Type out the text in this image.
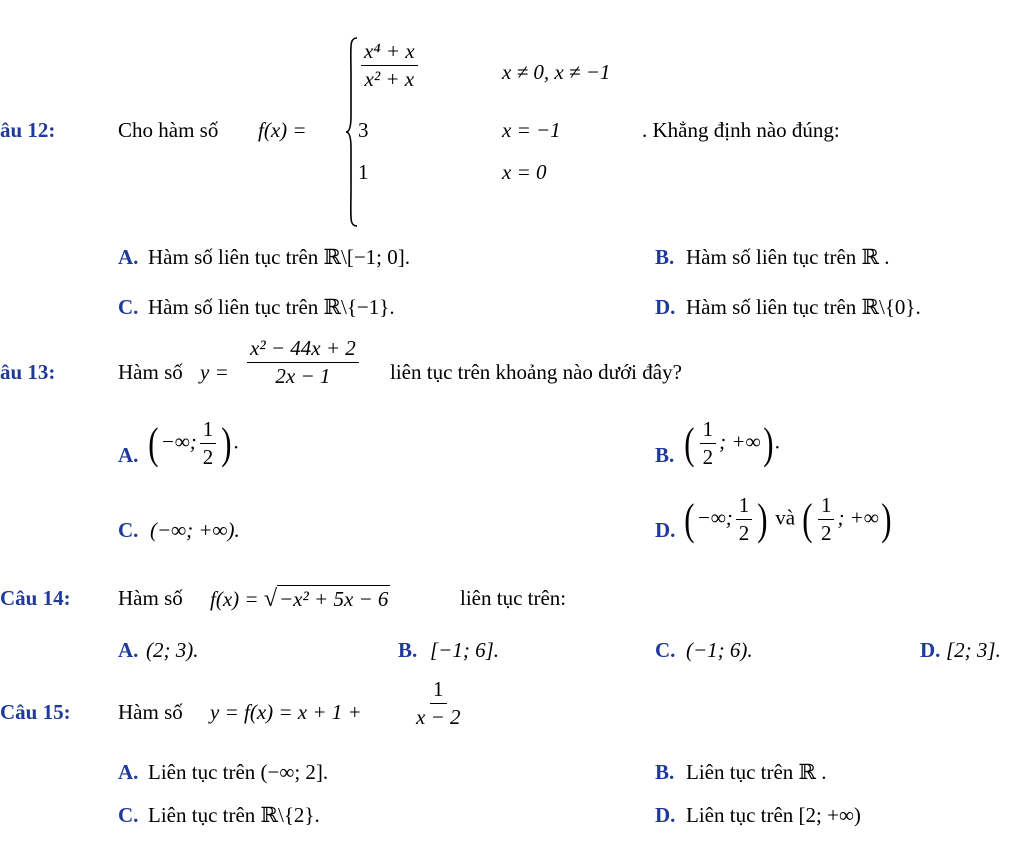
âu 12:	Cho hàm số f(x) =
$\frac{\text{x⁴ + x}}{\text{x² + x}}$	x ≠ 0, x ≠ −1
3	x = −1
1	x = 0
. Khẳng định nào đúng:
A. Hàm số liên tục trên ℝ\[−1; 0].	B. Hàm số liên tục trên ℝ .
C. Hàm số liên tục trên ℝ\{−1}.	D. Hàm số liên tục trên ℝ\{0}.
âu 13:	Hàm số $y = \frac{\text{x² − 44x + 2}}{2x - 1}$ liên tục trên khoảng nào dưới đây?
A. ( −∞; $\frac{1}{2}$ ) .
B. ( $\frac{1}{2}$ ; +∞) .
C. (−∞; +∞).	D. ( −∞; $\frac{1}{2}$ ) và ( $\frac{1}{2}$ ; +∞)
Câu 14: Hàm số f(x) = √−x² + 5x − 6	liên tục trên:
A. (2; 3).	B. [−1; 6].	C. (−1; 6).	D. [2; 3].
Câu 15: Hàm số $y = f(x) = x + 1 + \frac{1}{x - 2}$
A. Liên tục trên (−∞; 2].	B. Liên tục trên ℝ .
C. Liên tục trên ℝ\{2}.	D. Liên tục trên [2; +∞)
